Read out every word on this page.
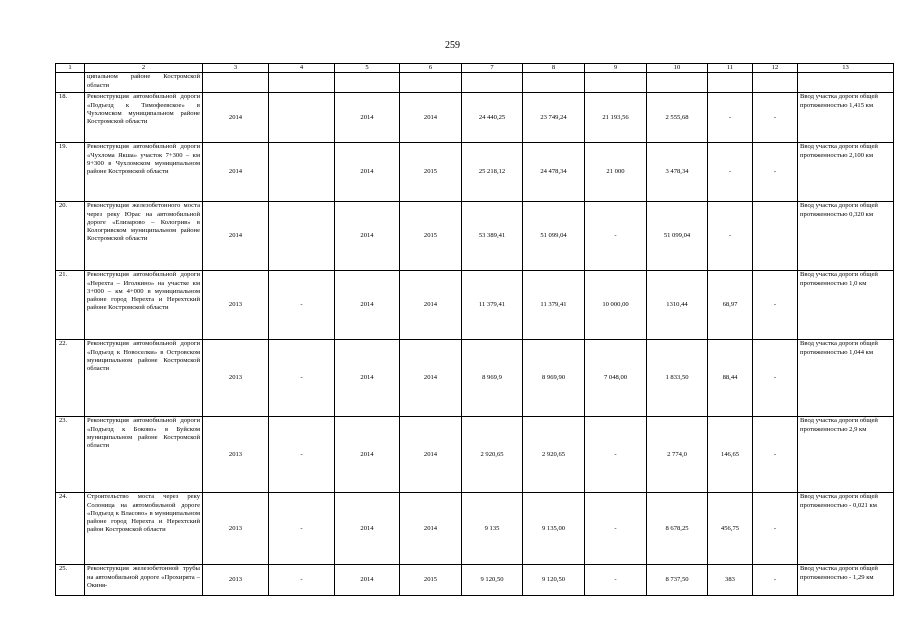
259
1	2	3	4	5	6	7	8	9	10	11	12	13
	ципальном районе Костромской области											
18.	Реконструкция автомобильной дороги «Подъезд к Тимофеевское» в Чухломском муниципальном районе Костромской области	2014		2014	2014	24 440,25	23 749,24	21 193,56	2 555,68	-	-	Ввод участка дороги общей протяженностью 1,415 км
19.	Реконструкция автомобильной дороги «Чухлома Якша» участок 7+300 – км 9+300 в Чухломском муниципальном районе Костромской области	2014		2014	2015	25 218,12	24 478,34	21 000	3 478,34	-	-	Ввод участка дороги общей протяженностью 2,100 км
20.	Реконструкция железобетонного моста через реку Юрас на автомобильной дороге «Елизарово – Кологрив» в Кологривском муниципальном районе Костромской области	2014		2014	2015	53 389,41	51 099,04	-	51 099,04	-		Ввод участка дороги общей протяженностью 0,320 км
21.	Реконструкция автомобильной дороги «Нерехта – Иголкино» на участке км 3+000 – км 4+000 в муниципальном районе город Нерехта и Нерехтский районе Костромской области	2013	-	2014	2014	11 379,41	11 379,41	10 000,00	1310,44	68,97	-	Ввод участка дороги общей протяженностью 1,0 км
22.	Реконструкция автомобильной дороги «Подъезд к Новоселки» в Островском муниципальном районе Костромской области	2013	-	2014	2014	8 969,9	8 969,90	7 048,00	1 833,50	88,44	-	Ввод участка дороги общей протяженностью 1,044 км
23.	Реконструкция автомобильной дороги «Подъезд к Боково» в Буйском муниципальном районе Костромской области	2013	-	2014	2014	2 920,65	2 920,65	-	2 774,0	146,65	-	Ввод участка дороги общей протяженностью 2,9 км
24.	Строительство моста через реку Солоница на автомобильной дороге «Подъезд к Власово» в муниципальном районе город Нерехта и Нерехтский район Костромской области	2013	-	2014	2014	9 135	9 135,00	-	8 678,25	456,75	-	Ввод участка дороги общей протяженностью - 0,021 км
25.	Реконструкция железобетонной трубы на автомобильной дороге «Прохирята – Окиня-	2013	-	2014	2015	9 120,50	9 120,50	-	8 737,50	383	-	Ввод участка дороги общей протяженностью - 1,29 км
